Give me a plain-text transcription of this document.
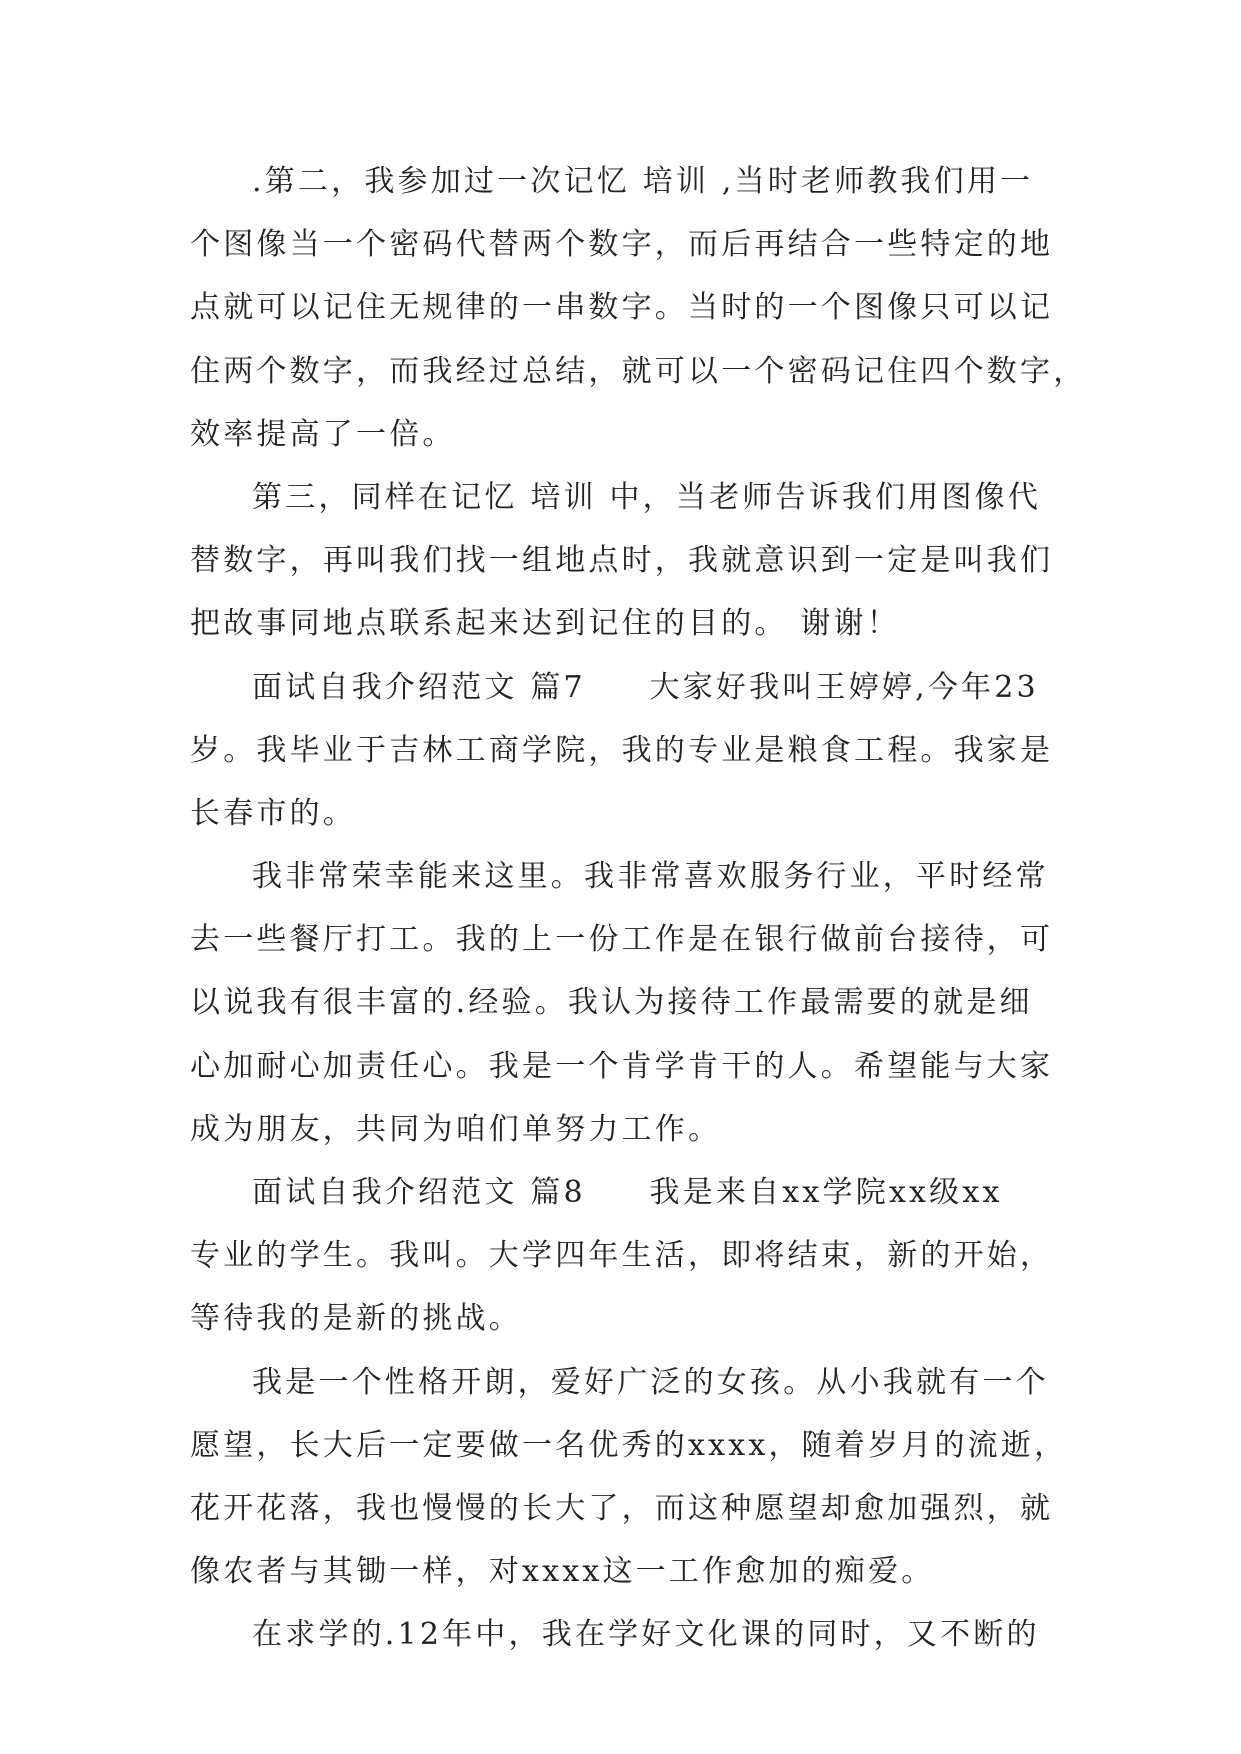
.第二，我参加过一次记忆 培训 ,当时老师教我们用一
个图像当一个密码代替两个数字，而后再结合一些特定的地
点就可以记住无规律的一串数字。当时的一个图像只可以记
住两个数字，而我经过总结，就可以一个密码记住四个数字，
效率提高了一倍。
第三，同样在记忆 培训 中，当老师告诉我们用图像代
替数字，再叫我们找一组地点时，我就意识到一定是叫我们
把故事同地点联系起来达到记住的目的。 谢谢！
面试自我介绍范文 篇7     大家好我叫王婷婷,今年23
岁。我毕业于吉林工商学院，我的专业是粮食工程。我家是
长春市的。
我非常荣幸能来这里。我非常喜欢服务行业，平时经常
去一些餐厅打工。我的上一份工作是在银行做前台接待，可
以说我有很丰富的.经验。我认为接待工作最需要的就是细
心加耐心加责任心。我是一个肯学肯干的人。希望能与大家
成为朋友，共同为咱们单努力工作。
面试自我介绍范文 篇8     我是来自xx学院xx级xx
专业的学生。我叫。大学四年生活，即将结束，新的开始，
等待我的是新的挑战。
我是一个性格开朗，爱好广泛的女孩。从小我就有一个
愿望，长大后一定要做一名优秀的xxxx，随着岁月的流逝，
花开花落，我也慢慢的长大了，而这种愿望却愈加强烈，就
像农者与其锄一样，对xxxx这一工作愈加的痴爱。
在求学的.12年中，我在学好文化课的同时，又不断的
